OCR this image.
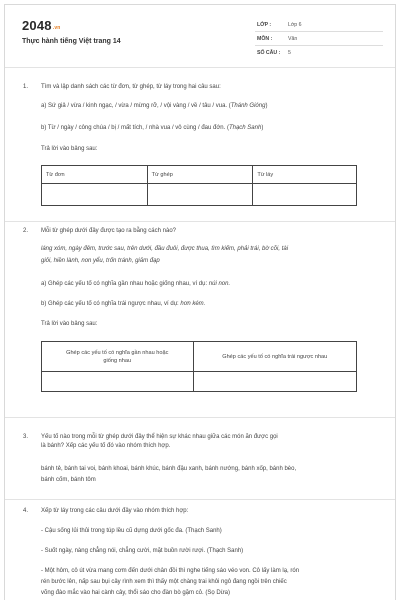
2048.vn
Thực hành tiếng Việt trang 14
LỚP :	Lớp 6
MÔN :	Văn
SỐ CÂU : 5
1. Tìm và lập danh sách các từ đơn, từ ghép, từ láy trong hai câu sau:
a) Sứ giả / vừa / kinh ngạc, / vừa / mừng rỡ, / vội vàng / về / tâu / vua. (Thánh Gióng)
b) Từ / ngày / công chúa / bị / mất tích, / nhà vua / vô cùng / đau đớn. (Thạch Sanh)
Trả lời vào bảng sau:
Từ đơn	Từ ghép	Từ láy

2. Mỗi từ ghép dưới đây được tạo ra bằng cách nào?
láng xóm, ngày đêm, trước sau, trên dưới, đầu đuôi, được thua, tìm kiếm, phải trái, bờ cõi, tài
giỏi, hiền lành, non yểu, trốn tránh, giảm đạp
a) Ghép các yếu tố có nghĩa gần nhau hoặc giống nhau, ví dụ: núi non.
b) Ghép các yếu tố có nghĩa trái ngược nhau, ví dụ: hơn kém.
Trả lời vào bảng sau:
Ghép các yếu tố có nghĩa gần nhau hoặc
giống nhau	Ghép các yếu tố có nghĩa trái ngược nhau

3. Yếu tố nào trong mỗi từ ghép dưới đây thể hiện sự khác nhau giữa các món ăn được gọi
là bánh? Xếp các yếu tố đó vào nhóm thích hợp.
bánh tẻ, bánh tai voi, bánh khoai, bánh khúc, bánh đậu xanh, bánh nướng, bánh xốp, bánh bèo,
bánh cốm, bánh tôm
4. Xếp từ láy trong các câu dưới đây vào nhóm thích hợp:
- Cậu sống lủi thủi trong túp lều cũ dựng dưới gốc đa. (Thạch Sanh)
- Suốt ngày, nàng chẳng nói, chẳng cười, mặt buồn rười rượi. (Thạch Sanh)
- Một hôm, cô út vừa mang cơm đến dưới chân đồi thì nghe tiếng sáo véo von. Cô lấy làm lạ, rón
rén bước lên, nấp sau bụi cây rình xem thì thấy một chàng trai khôi ngô đang ngồi trên chiếc
võng đào mắc vào hai cành cây, thổi sáo cho đàn bò gặm cỏ. (Sọ Dừa)
